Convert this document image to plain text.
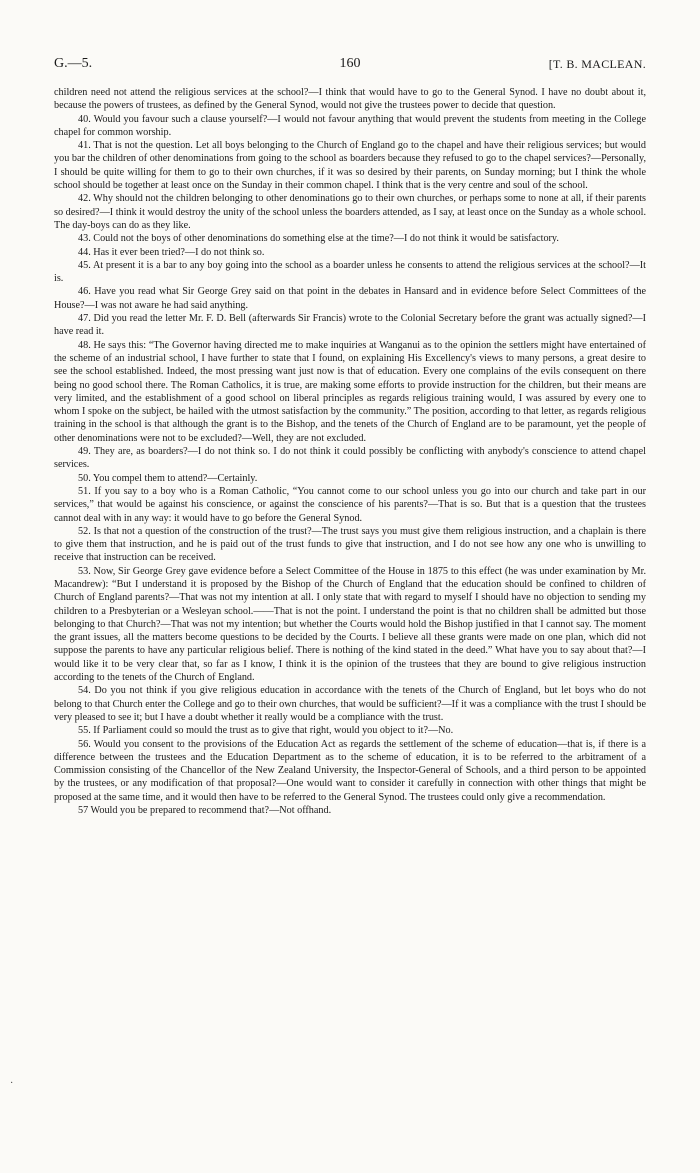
G.—5.	160	[T. B. MACLEAN.

children need not attend the religious services at the school?—I think that would have to go to the General Synod. I have no doubt about it, because the powers of trustees, as defined by the General Synod, would not give the trustees power to decide that question.

40. Would you favour such a clause yourself?—I would not favour anything that would prevent the students from meeting in the College chapel for common worship.

41. That is not the question. Let all boys belonging to the Church of England go to the chapel and have their religious services; but would you bar the children of other denominations from going to the school as boarders because they refused to go to the chapel services?—Personally, I should be quite willing for them to go to their own churches, if it was so desired by their parents, on Sunday morning; but I think the whole school should be together at least once on the Sunday in their common chapel. I think that is the very centre and soul of the school.

42. Why should not the children belonging to other denominations go to their own churches, or perhaps some to none at all, if their parents so desired?—I think it would destroy the unity of the school unless the boarders attended, as I say, at least once on the Sunday as a whole school. The day-boys can do as they like.

43. Could not the boys of other denominations do something else at the time?—I do not think it would be satisfactory.

44. Has it ever been tried?—I do not think so.

45. At present it is a bar to any boy going into the school as a boarder unless he consents to attend the religious services at the school?—It is.

46. Have you read what Sir George Grey said on that point in the debates in Hansard and in evidence before Select Committees of the House?—I was not aware he had said anything.

47. Did you read the letter Mr. F. D. Bell (afterwards Sir Francis) wrote to the Colonial Secretary before the grant was actually signed?—I have read it.

48. He says this: “The Governor having directed me to make inquiries at Wanganui as to the opinion the settlers might have entertained of the scheme of an industrial school, I have further to state that I found, on explaining His Excellency's views to many persons, a great desire to see the school established. Indeed, the most pressing want just now is that of education. Every one complains of the evils consequent on there being no good school there. The Roman Catholics, it is true, are making some efforts to provide instruction for the children, but their means are very limited, and the establishment of a good school on liberal principles as regards religious training would, I was assured by every one to whom I spoke on the subject, be hailed with the utmost satisfaction by the community.” The position, according to that letter, as regards religious training in the school is that although the grant is to the Bishop, and the tenets of the Church of England are to be paramount, yet the people of other denominations were not to be excluded?—Well, they are not excluded.

49. They are, as boarders?—I do not think so. I do not think it could possibly be conflicting with anybody's conscience to attend chapel services.

50. You compel them to attend?—Certainly.

51. If you say to a boy who is a Roman Catholic, “You cannot come to our school unless you go into our church and take part in our services,” that would be against his conscience, or against the conscience of his parents?—That is so. But that is a question that the trustees cannot deal with in any way: it would have to go before the General Synod.

52. Is that not a question of the construction of the trust?—The trust says you must give them religious instruction, and a chaplain is there to give them that instruction, and he is paid out of the trust funds to give that instruction, and I do not see how any one who is unwilling to receive that instruction can be received.

53. Now, Sir George Grey gave evidence before a Select Committee of the House in 1875 to this effect (he was under examination by Mr. Macandrew): “But I understand it is proposed by the Bishop of the Church of England that the education should be confined to children of Church of England parents?—That was not my intention at all. I only state that with regard to myself I should have no objection to sending my children to a Presbyterian or a Wesleyan school.——That is not the point. I understand the point is that no children shall be admitted but those belonging to that Church?—That was not my intention; but whether the Courts would hold the Bishop justified in that I cannot say. The moment the grant issues, all the matters become questions to be decided by the Courts. I believe all these grants were made on one plan, which did not suppose the parents to have any particular religious belief. There is nothing of the kind stated in the deed.” What have you to say about that?—I would like it to be very clear that, so far as I know, I think it is the opinion of the trustees that they are bound to give religious instruction according to the tenets of the Church of England.

54. Do you not think if you give religious education in accordance with the tenets of the Church of England, but let boys who do not belong to that Church enter the College and go to their own churches, that would be sufficient?—If it was a compliance with the trust I should be very pleased to see it; but I have a doubt whether it really would be a compliance with the trust.

55. If Parliament could so mould the trust as to give that right, would you object to it?—No.

56. Would you consent to the provisions of the Education Act as regards the settlement of the scheme of education—that is, if there is a difference between the trustees and the Education Department as to the scheme of education, it is to be referred to the arbitrament of a Commission consisting of the Chancellor of the New Zealand University, the Inspector-General of Schools, and a third person to be appointed by the trustees, or any modification of that proposal?—One would want to consider it carefully in connection with other things that might be proposed at the same time, and it would then have to be referred to the General Synod. The trustees could only give a recommendation.

57 Would you be prepared to recommend that?—Not offhand.

·
